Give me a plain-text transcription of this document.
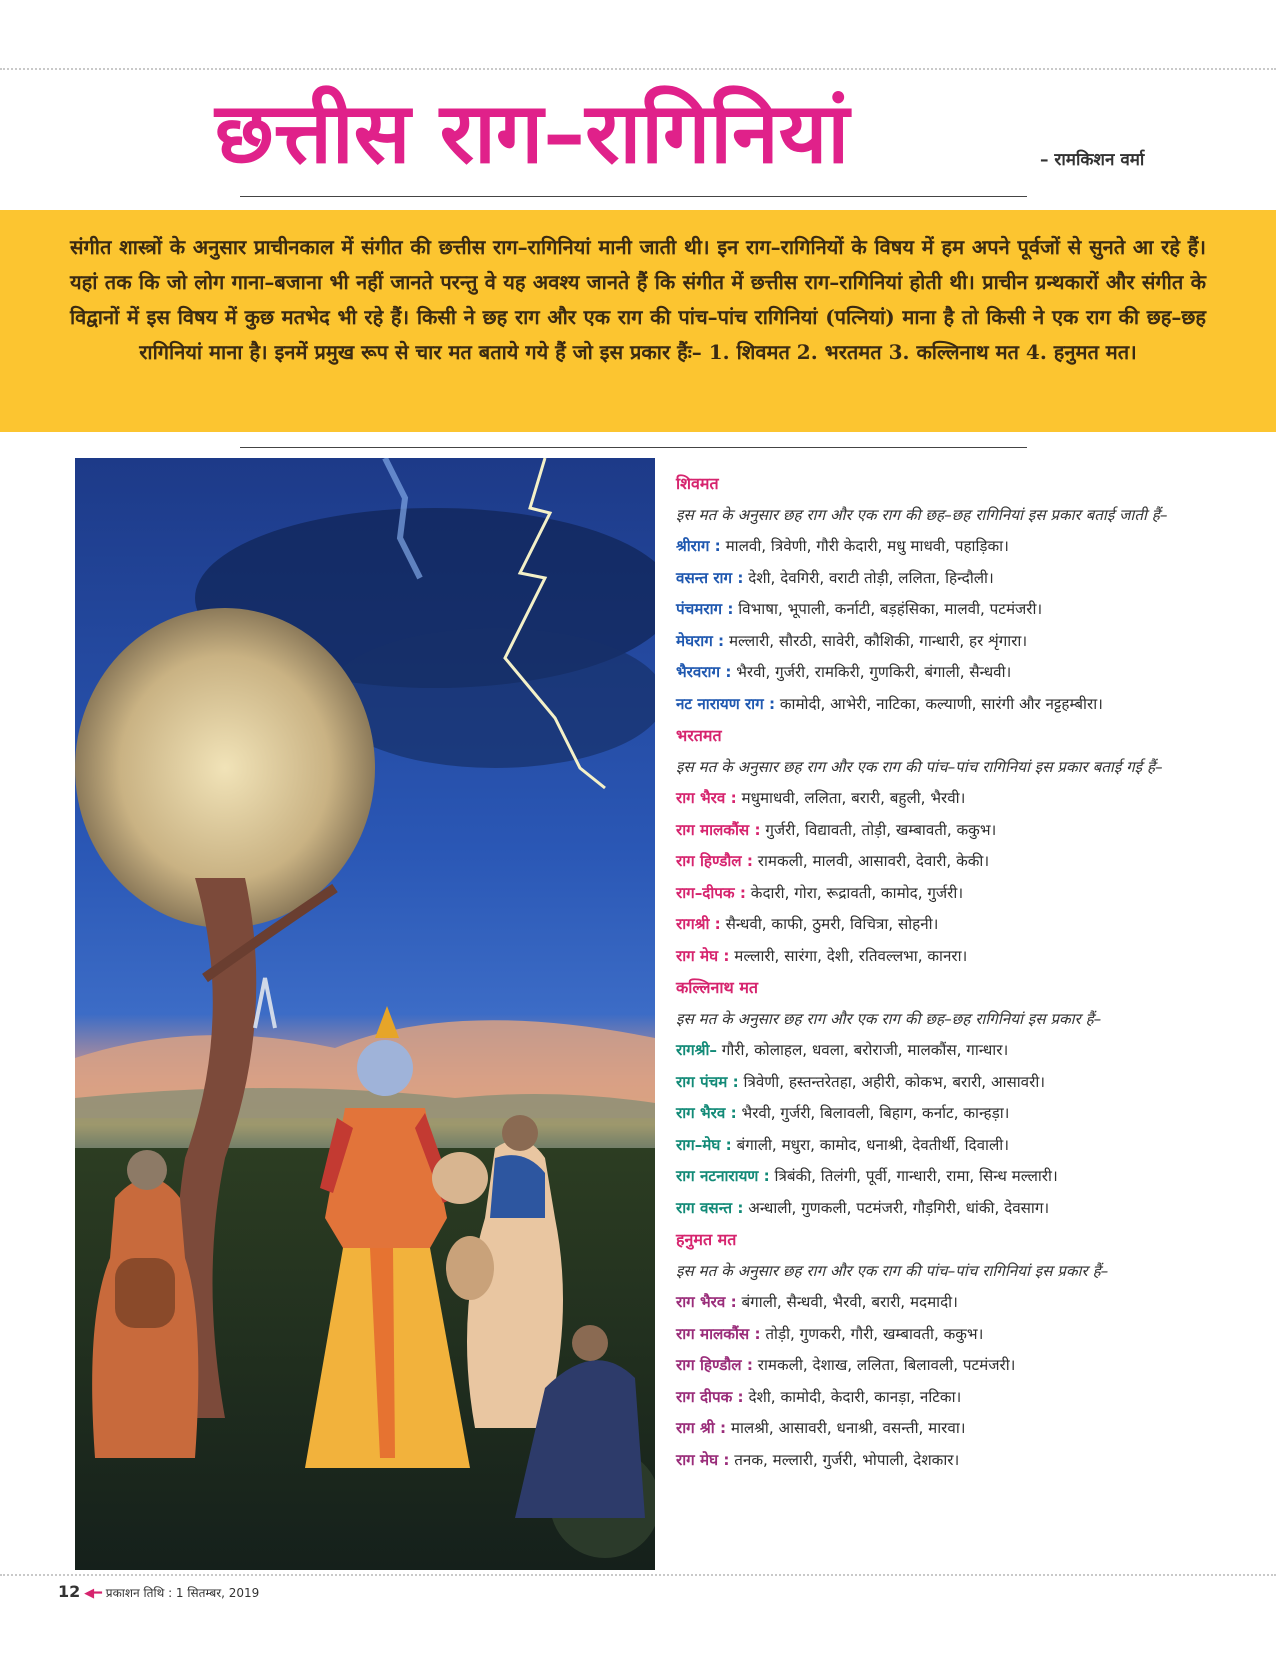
छत्तीस राग–रागिनियां	– रामकिशन वर्मा
संगीत शास्त्रों के अनुसार प्राचीनकाल में संगीत की छत्तीस राग–रागिनियां मानी जाती थी। इन राग–रागिनियों के विषय में हम अपने पूर्वजों से सुनते आ रहे हैं। यहां तक कि जो लोग गाना–बजाना भी नहीं जानते परन्तु वे यह अवश्य जानते हैं कि संगीत में छत्तीस राग–रागिनियां होती थी। प्राचीन ग्रन्थकारों और संगीत के विद्वानों में इस विषय में कुछ मतभेद भी रहे हैं। किसी ने छह राग और एक राग की पांच–पांच रागिनियां (पत्नियां) माना है तो किसी ने एक राग की छह–छह रागिनियां माना है। इनमें प्रमुख रूप से चार मत बताये गये हैं जो इस प्रकार हैंः– 1. शिवमत 2. भरतमत 3. कल्लिनाथ मत 4. हनुमत मत।

शिवमत

इस मत के अनुसार छह राग और एक राग की छह–छह रागिनियां इस प्रकार बताई जाती हैं–

श्रीराग : मालवी, त्रिवेणी, गौरी केदारी, मधु माधवी, पहाड़िका।

वसन्त राग : देशी, देवगिरी, वराटी तोड़ी, ललिता, हिन्दौली।

पंचमराग : विभाषा, भूपाली, कर्नाटी, बड़हंसिका, मालवी, पटमंजरी।

मेघराग : मल्लारी, सौरठी, सावेरी, कौशिकी, गान्धारी, हर शृंगारा।

भैरवराग : भैरवी, गुर्जरी, रामकिरी, गुणकिरी, बंगाली, सैन्धवी।

नट नारायण राग : कामोदी, आभेरी, नाटिका, कल्याणी, सारंगी और नट्टहम्बीरा।

भरतमत

इस मत के अनुसार छह राग और एक राग की पांच–पांच रागिनियां इस प्रकार बताई गई हैं–

राग भैरव : मधुमाधवी, ललिता, बरारी, बहुली, भैरवी।

राग मालकौंस : गुर्जरी, विद्यावती, तोड़ी, खम्बावती, ककुभ।

राग हिण्डौल : रामकली, मालवी, आसावरी, देवारी, केकी।

राग–दीपक : केदारी, गोरा, रूद्रावती, कामोद, गुर्जरी।

रागश्री : सैन्धवी, काफी, ठुमरी, विचित्रा, सोहनी।

राग मेघ : मल्लारी, सारंगा, देशी, रतिवल्लभा, कानरा।

कल्लिनाथ मत

इस मत के अनुसार छह राग और एक राग की छह–छह रागिनियां इस प्रकार हैं–

रागश्री– गौरी, कोलाहल, धवला, बरोराजी, मालकौंस, गान्धार।

राग पंचम : त्रिवेणी, हस्तन्तरेतहा, अहीरी, कोकभ, बरारी, आसावरी।

राग भैरव : भैरवी, गुर्जरी, बिलावली, बिहाग, कर्नाट, कान्हड़ा।

राग–मेघ : बंगाली, मधुरा, कामोद, धनाश्री, देवतीर्थी, दिवाली।

राग नटनारायण : त्रिबंकी, तिलंगी, पूर्वी, गान्धारी, रामा, सिन्ध मल्लारी।

राग वसन्त : अन्धाली, गुणकली, पटमंजरी, गौड़गिरी, धांकी, देवसाग।

हनुमत मत

इस मत के अनुसार छह राग और एक राग की पांच–पांच रागिनियां इस प्रकार हैं–

राग भैरव : बंगाली, सैन्धवी, भैरवी, बरारी, मदमादी।

राग मालकौंस : तोड़ी, गुणकरी, गौरी, खम्बावती, ककुभ।

राग हिण्डौल : रामकली, देशाख, ललिता, बिलावली, पटमंजरी।

राग दीपक : देशी, कामोदी, केदारी, कानड़ा, नटिका।

राग श्री : मालश्री, आसावरी, धनाश्री, वसन्ती, मारवा।

राग मेघ : तनक, मल्लारी, गुर्जरी, भोपाली, देशकार।

12 ◀━ प्रकाशन तिथि : 1 सितम्बर, 2019
